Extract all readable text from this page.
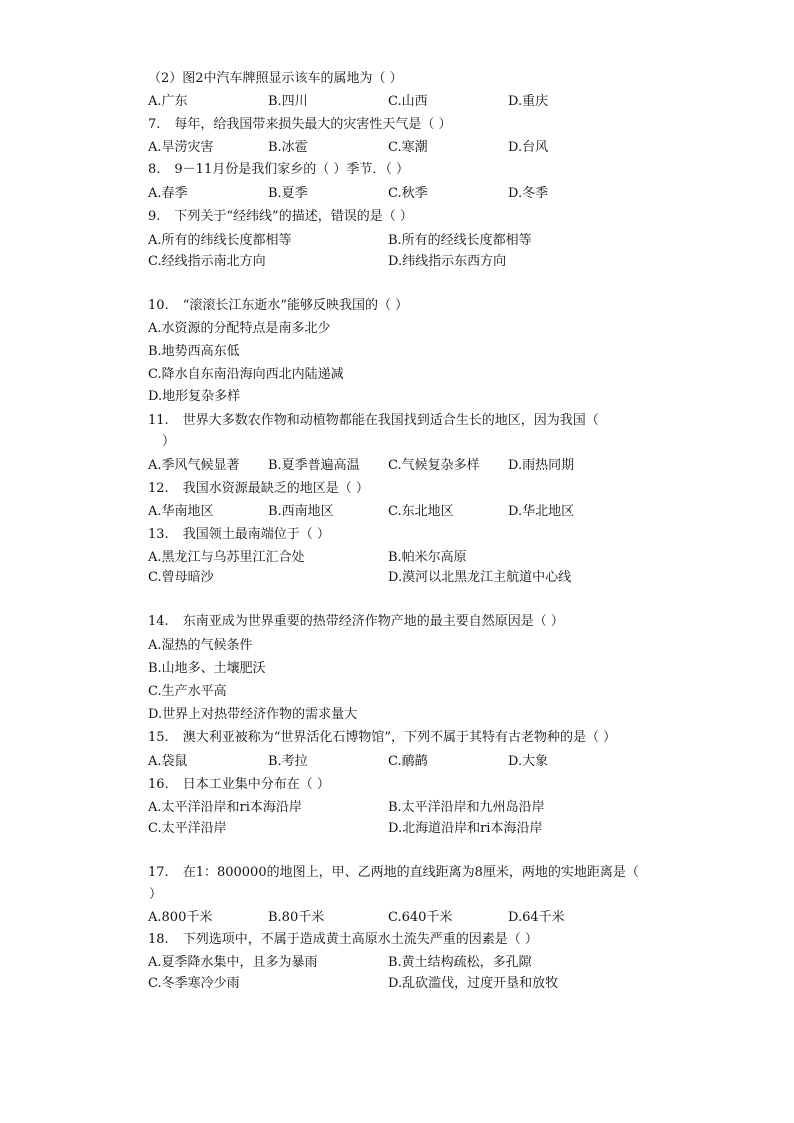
（2）图2中汽车牌照显示该车的属地为（ ）
A.广东	B.四川	C.山西	D.重庆
7. 每年，给我国带来损失最大的灾害性天气是（ ）
A.旱涝灾害	B.冰雹	C.寒潮	D.台风
8. 9－11月份是我们家乡的（ ）季节．（ ）
A.春季	B.夏季	C.秋季	D.冬季
9. 下列关于“经纬线”的描述，错误的是（ ）
A.所有的纬线长度都相等	B.所有的经线长度都相等
C.经线指示南北方向	D.纬线指示东西方向
10. “滚滚长江东逝水”能够反映我国的（ ）
A.水资源的分配特点是南多北少
B.地势西高东低
C.降水自东南沿海向西北内陆递减
D.地形复杂多样
11. 世界大多数农作物和动植物都能在我国找到适合生长的地区，因为我国（
）
A.季风气候显著 B.夏季普遍高温 C.气候复杂多样 D.雨热同期
12. 我国水资源最缺乏的地区是（ ）
A.华南地区	B.西南地区	C.东北地区	D.华北地区
13. 我国领土最南端位于（ ）
A.黑龙江与乌苏里江汇合处	B.帕米尔高原
C.曾母暗沙	D.漠河以北黑龙江主航道中心线
14. 东南亚成为世界重要的热带经济作物产地的最主要自然原因是（ ）
A.湿热的气候条件
B.山地多、土壤肥沃
C.生产水平高
D.世界上对热带经济作物的需求量大
15. 澳大利亚被称为“世界活化石博物馆”，下列不属于其特有古老物种的是（ ）
A.袋鼠	B.考拉	C.鸸鹋	D.大象
16. 日本工业集中分布在（ ）
A.太平洋沿岸和ri本海沿岸	B.太平洋沿岸和九州岛沿岸
C.太平洋沿岸	D.北海道沿岸和ri本海沿岸
17. 在1：800000的地图上，甲、乙两地的直线距离为8厘米，两地的实地距离是（
）
A.800千米	B.80千米	C.640千米	D.64千米
18. 下列选项中，不属于造成黄土高原水土流失严重的因素是（ ）
A.夏季降水集中，且多为暴雨	B.黄土结构疏松，多孔隙
C.冬季寒冷少雨	D.乱砍滥伐，过度开垦和放牧
